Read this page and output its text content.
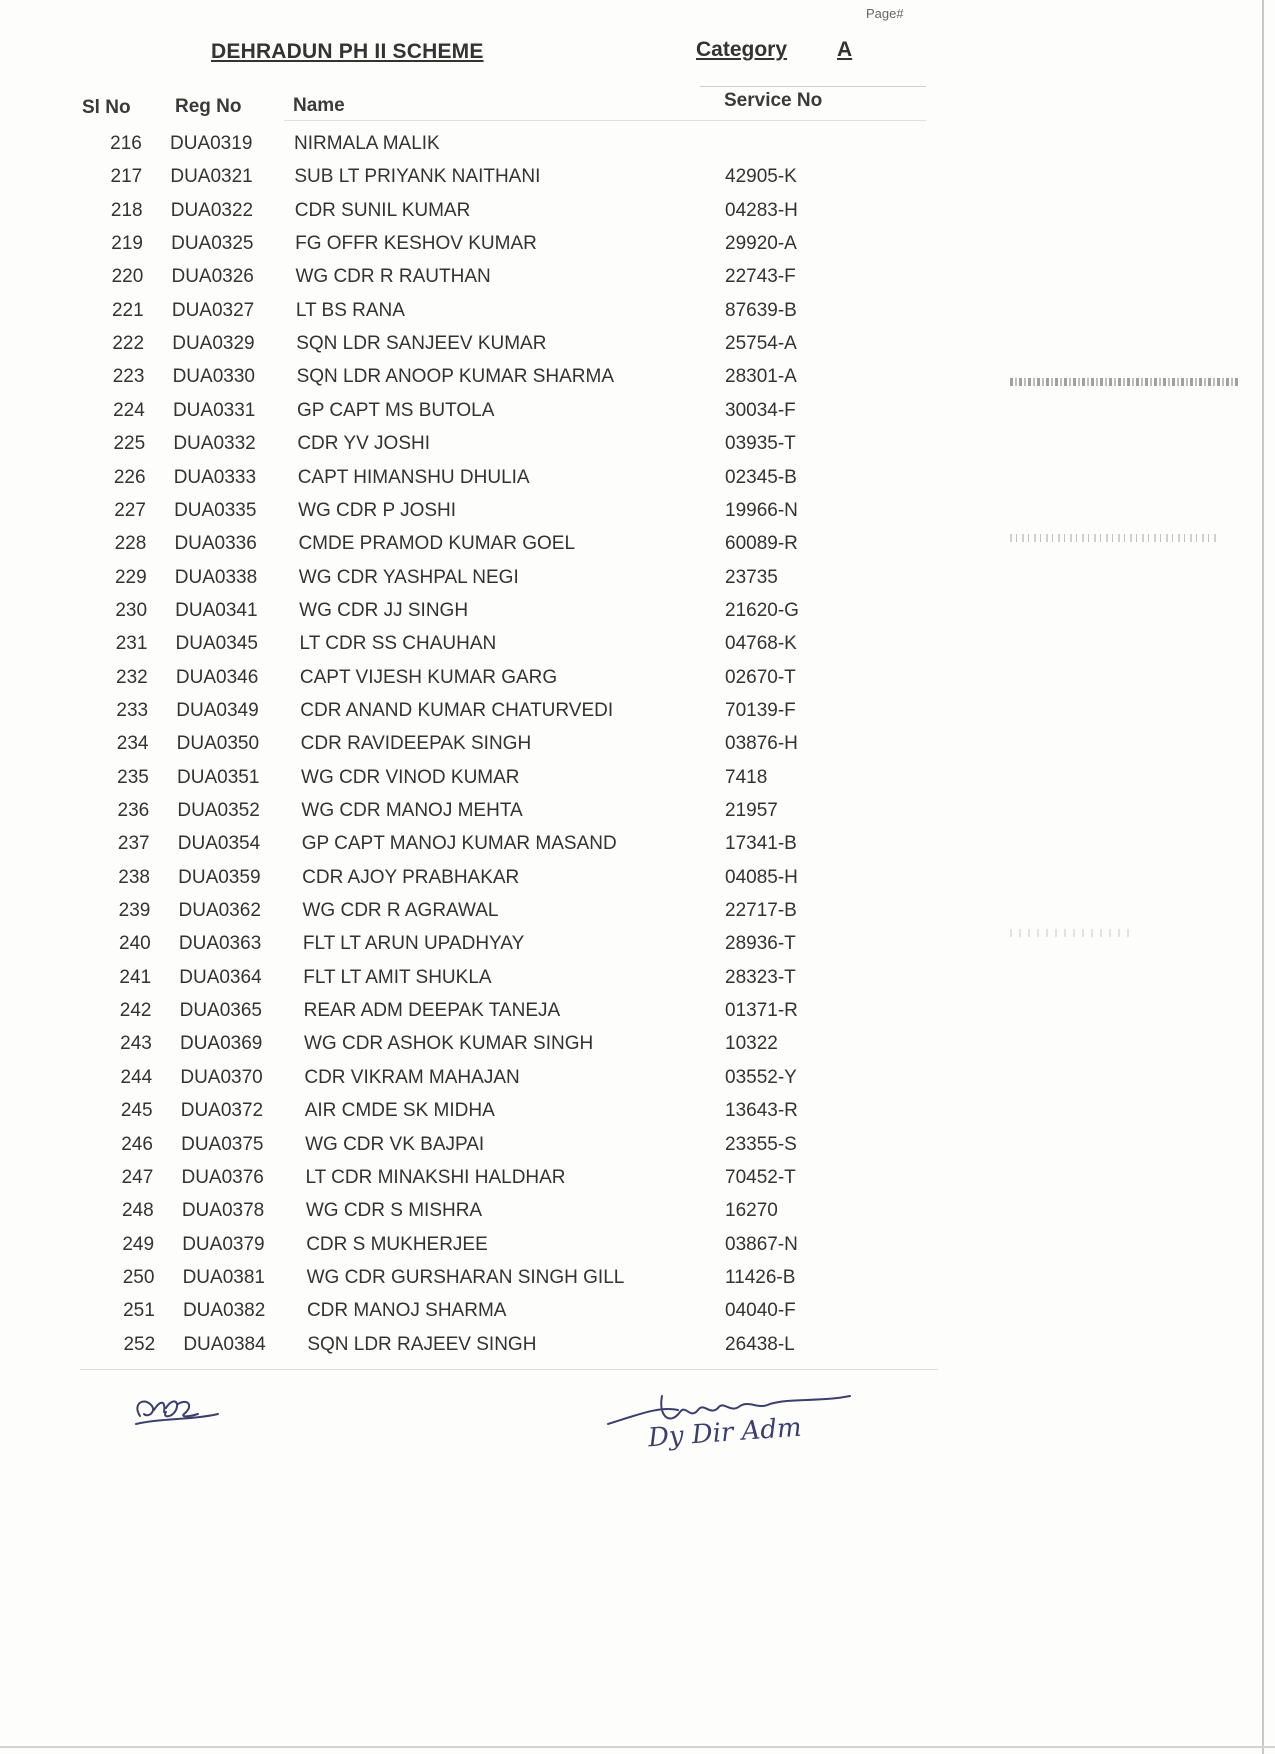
Page#
DEHRADUN PH II SCHEME	Category A
Sl No Reg No	Name	Service No
216	DUA0319 NIRMALA MALIK
217	DUA0321 SUB LT PRIYANK NAITHANI	42905-K
218	DUA0322 CDR SUNIL KUMAR	04283-H
219	DUA0325 FG OFFR KESHOV KUMAR	29920-A
220	DUA0326 WG CDR R RAUTHAN	22743-F
221	DUA0327 LT BS RANA	87639-B
222	DUA0329 SQN LDR SANJEEV KUMAR	25754-A
223	DUA0330 SQN LDR ANOOP KUMAR SHARMA	28301-A
224	DUA0331 GP CAPT MS BUTOLA	30034-F
225	DUA0332 CDR YV JOSHI	03935-T
226	DUA0333 CAPT HIMANSHU DHULIA	02345-B
227	DUA0335 WG CDR P JOSHI	19966-N
228	DUA0336 CMDE PRAMOD KUMAR GOEL	60089-R
229	DUA0338 WG CDR YASHPAL NEGI	23735
230	DUA0341 WG CDR JJ SINGH	21620-G
231	DUA0345 LT CDR SS CHAUHAN	04768-K
232	DUA0346 CAPT VIJESH KUMAR GARG	02670-T
233	DUA0349 CDR ANAND KUMAR CHATURVEDI	70139-F
234	DUA0350 CDR RAVIDEEPAK SINGH	03876-H
235	DUA0351 WG CDR VINOD KUMAR	7418
236	DUA0352 WG CDR MANOJ MEHTA	21957
237	DUA0354 GP CAPT MANOJ KUMAR MASAND	17341-B
238	DUA0359 CDR AJOY PRABHAKAR	04085-H
239	DUA0362 WG CDR R AGRAWAL	22717-B
240	DUA0363 FLT LT ARUN UPADHYAY	28936-T
241	DUA0364 FLT LT AMIT SHUKLA	28323-T
242	DUA0365 REAR ADM DEEPAK TANEJA	01371-R
243	DUA0369 WG CDR ASHOK KUMAR SINGH	10322
244	DUA0370 CDR VIKRAM MAHAJAN	03552-Y
245	DUA0372 AIR CMDE SK MIDHA	13643-R
246	DUA0375 WG CDR VK BAJPAI	23355-S
247	DUA0376 LT CDR MINAKSHI HALDHAR	70452-T
248	DUA0378 WG CDR S MISHRA	16270
249	DUA0379 CDR S MUKHERJEE	03867-N
250	DUA0381 WG CDR GURSHARAN SINGH GILL	11426-B
251	DUA0382 CDR MANOJ SHARMA	04040-F
252	DUA0384 SQN LDR RAJEEV SINGH	26438-L
Dy Dir Adm
